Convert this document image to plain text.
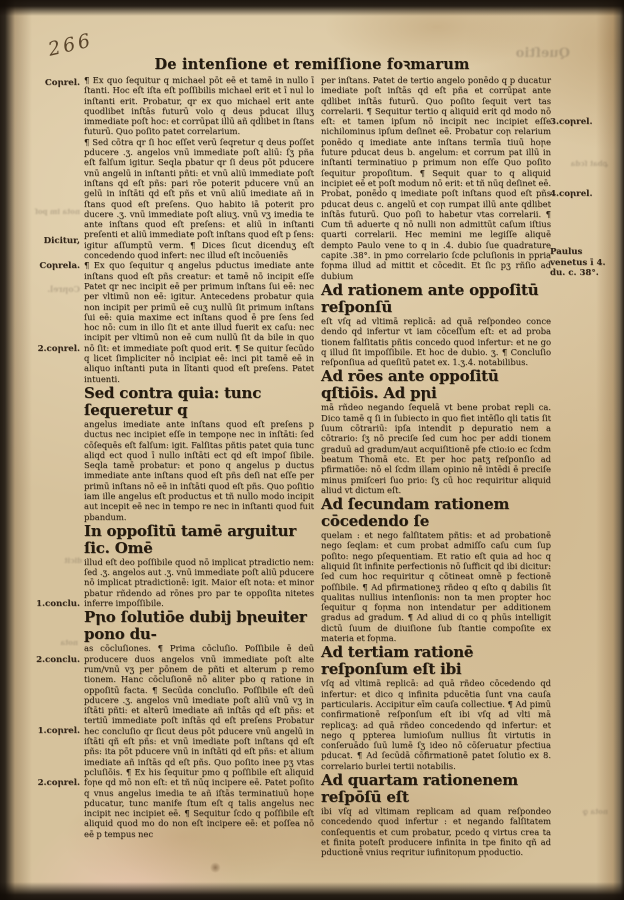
266
De intenſione et remiſſione foꝛmarum
Queſtio
nota im poſ
Coꞃrel.
dicit
nota
ꝓbat ſcda
nota ꝙ
Coꞃrel.
Dicitur,
Coꞃrela.
2.coꞃrel.
1.conclu.
2.conclu.
1.coꞃrel.
2.coꞃrel.
3.coꞃrel.
4.coꞃrel.
Paulus venetus ī 4. du. c. 38°.

¶ Ex quo ſequitur q michael pōt eē et tamē in nullo ī ſtanti. Hoc eſt iſta eſt poſſibilis michael erit et ī nul lo inſtanti erit. Probatur, qr ex quo michael erit ante quodlibet inſtās futurū volo q deus pducat illuʒ immediate poſt hoc: et corrūpat illū añ qdlibet in ſtans futurū. Quo poſito patet correlarium.

¶ Sed cōtra qr ſi hoc eſſet verū ſeqretur q deus poſſet pducere .ʒ. angelos vnū immediate poſt aliū: ſʒ pña eſt falſum igitur. Seqla pbatur qr ſi deus pōt pducere vnū angelū in inſtanti pñti: et vnū aliū immediate poſt inſtans qd eſt pñs: pari rōe poterit pducere vnū an gelū in inſtāti qd eſt pñs et vnū aliū imediate añ in ſtans quod eſt preſens. Quo habito iā poterit pro ducere .ʒ. vnū immediate poſt aliuʒ. vnū vʒ imedia te ante inſtans quod eſt preſens: et aliū in inſtanti preſenti et aliū immediate poſt inſtans quod eſt p ſens: igitur aſſumptū verm. ¶ Dices ſicut dicenduʒ eſt concedendo quod infert: nec illud eſt incōueniēs

¶ Ex quo ſequitur q angelus pductus imediate ante inſtans quod eſt pñs creatur: et tamē nō incipit eſſe Patet qr nec incipit eē per primum inſtans ſui eē: nec per vltimū non eē: igitur. Antecedens probatur quia non incipit per primū eē cuʒ nullū ſit primum inſtans ſui eē: quia maxime ect inſtans quod ē pre ſens ſed hoc nō: cum in illo ſit et ante illud fuerit ex caſu: nec incipit per vltimū non eē cum nullū ſit da bile in quo nō ſit: et immediate poſt quod erit. ¶ Se quitur ſecūdo q licet ſimpliciter nō incipiat eē: inci pit tamē eē in aliquo inſtanti puta in lītanti quod eſt preſens. Patet intuenti.

Sed contra quia: tunc ſequeretur q

angelus imediate ante inſtans quod eſt preſens p ductus nec incipiet eſſe in tempoꞃe nec in inſtāti: ſed cōſequēs eſt falſum: igit. Falſitas pñtis patet quia tunc aliqd ect quod ī nullo inſtāti ect qd eſt impoſ ſibile. Seqla tamē probatur: et pono q angelus p ductus immediate ante inſtans quod eſt pñs deſi nat eſſe per primū inſtans nō eē in inſtāti quod eſt pñs. Quo poſitio iam ille angelus eſt productus et tñ nullo modo incipit aut incepit eē nec in tempo re nec in inſtanti quod fuit pbandum.

In oppoſitū tamē arguitur ſic. Omē

illud eſt deo poſſibile quod nō implicat ptradictio nem: ſed .ʒ. angelos aut .ʒ. vnū immediate poſt aliū pducere nō implicat ptradictionē: igit. Maior eſt nota: et minor pbatur rñdendo ad rōnes pro par te oppoſita nitetes inferre impoſſibile.

Pꞃo ſolutiōe dubij bꞃeuiter pono du-

as cōcluſiones. ¶ Prima cōcluſio. Poſſibile ē deū producere duos angelos vnū immediate poſt alte rum/vnū vʒ per pōnem de pñti et alterum p remo tionem. Hanc cōcluſionē nō aliter pbo q ratione in oppoſitū facta. ¶ Secūda concluſio. Poſſibile eſt deū pducere .ʒ. angelos vnū imediate poſt aliū vnū vʒ in iſtāti pñti: et alterū imediate añ inſtās qd eſt pñs: et tertiū immediate poſt inſtās qd eſt preſens Probatur hec concluſio qr ſicut deus pōt pducere vnū angelū in iſtāti qñ eſt pñs: et vnū imediate poſt inſtans qd eſt pñs: ita pōt pducere vnū in inſtāti qd eſt pñs: et alium imediate añ inſtās qd eſt pñs. Quo poſito inee pʒ vtas pcluſiōis. ¶ Ex his ſequitur pmo q poſſibile eſt aliquid foꞃe qd mō non eſt: et tñ nūq incipere eē. Patet poſito q vnus angelus imedia te añ iſtās terminatiuū hoꞃe pducatur, tunc manife ſtum eſt q talis angelus nec incipit nec incipiet eē. ¶ Sequitur ſcdo q poſſibile eſt aliquid quod mo do non eſt incipere eē: et poſſea nō eē p tempus nec

per inſtans. Patet de tertio angelo ponēdo q p ducatur imediate poſt inſtās qd eſt pña et corrūpat ante qdlibet inſtās futurū. Quo poſito ſequit vert tas correlarii. ¶ Sequitur tertio q aliquid erit qd modo nō eſt: et tamen ipſum nō incipit nec incipiet eſſe nichilominus ipſum deſinet eē. Probatur coꞃ relarium ponēdo q imediate ante inſtans termīa tiuū hoꞃe future pducat deus b. angelum: et corrum pat illū in inſtanti terminatiuo p primum non eſſe Quo poſito ſequitur propoſitum. ¶ Sequit quar to q aliquid incipiet eē et poſt modum nō erit: et tñ nūq deſinet eē. Probat, ponēdo q imediate poſt inſtans quod eſt pñs pducat deus c. angelū et coꞃ rumpat illū ante qdlibet inſtās futurū. Quo poſi to habetur vtas correlarii. ¶ Cum tñ aduerte q nō nulli non admittūt caſum iſtius quarti correlarii. Hec memini me legiſſe aliquē dempto Paulo vene to q in .4. dubio ſue quadrature capite .38°. in pmo correlario ſcde pcluſionis in ppria foꞃma illud ad mittit et cōcedit. Et ſic pʒ rñſio ad dubium

Ad rationem ante oppoſitū reſponſū

eſt vſq ad vltimā replicā: ad quā reſpondeo conce dendo qd infertur vt iam cōceſſum eſt: et ad proba tionem falſitatis pñtis concedo quod infertur: et ne go q illud ſit impoſſibile. Et hoc de dubio. ʒ. ¶ Concluſio reſponſiua ad queſitū patet ex. 1.ʒ.4. notabilibus.

Ad rōes ante oppoſitū qſtiōis. Ad pꞃi

mā rñdeo negando ſequelā vt bene probat repli ca. Dico tamē q ſi in ſubiecto in quo fiet intēſlo qli tatis ſit ſuum cōtrariū: ipſa intendit p depuratio nem a cōtrario: ſʒ nō preciſe ſed cum hoc per addi tionem graduū ad gradum/aut acquiſitionē pfe ctio:io ec ſcdm beatum Thomā etc. Et per hoc patʒ reſponſio ad pfirmatiōe: nō el ſcdm illam opinio nē intēdi ē preciſe minus pmiſceri ſuo prio: ſʒ cū hoc requiritur aliquid aliud vt dictum eſt.

Ad ſecundam rationem cōcedendo ſe

quelam : et nego falſitatem pñtis: et ad probationē nego ſeqlam: et cum probat admiſſo caſu cum ſup poſito: nego pſequentiam. Et ratio eſt quia ad hoc q aliquid ſit infinite perfectionis nō ſufficit qd ibi dicitur: ſed cum hoc requiritur q cōtineat omnē p fectionē poſſibile. ¶ Ad pfirmationeʒ rñdeo q eſto q dabilis ſit qualitas nullius intenſionis: non ta men propter hoc ſequitur q foꞃma non intendatur per additionem gradus ad gradum. ¶ Ad aliud di co q phūs intelligit dictū ſuum de diuiſione ſub ſtantie compoſite ex materia et foꞃma.

Ad tertiam rationē reſponſum eſt ibi

vſq ad vltimā replicā: ad quā rñdeo cōcedendo qd infertur: et dico q infinita pducētia ſunt vna cauſa particularis. Accipitur eīm cauſa collectiue. ¶ Ad pimū confirmationē reſponſum eſt ibi vſq ad vlti mā replicaʒ: ad quā rñdeo concedendo qd infertur: et nego q ppterea lumioſum nullius ſit virtutis in conſeruādo ſuū lumē ſʒ ideo nō cōſeruatur pfectiua pducat. ¶ Ad ſecūdā cōfirmationē patet ſolutio ex 8. correlario burlei tertii notabilis.

Ad quartam rationenem reſpōſū eſt

ibi vſq ad vltimam replicam ad quam reſpondeo concedendo quod infertur : et negando falſitatem conſequentis et cum probatur, pcedo q virtus crea ta et finita poteſt producere infinita in tpe finito qñ ad pductionē vnius reqritur iufinitoꞃum pꞃoductio.
